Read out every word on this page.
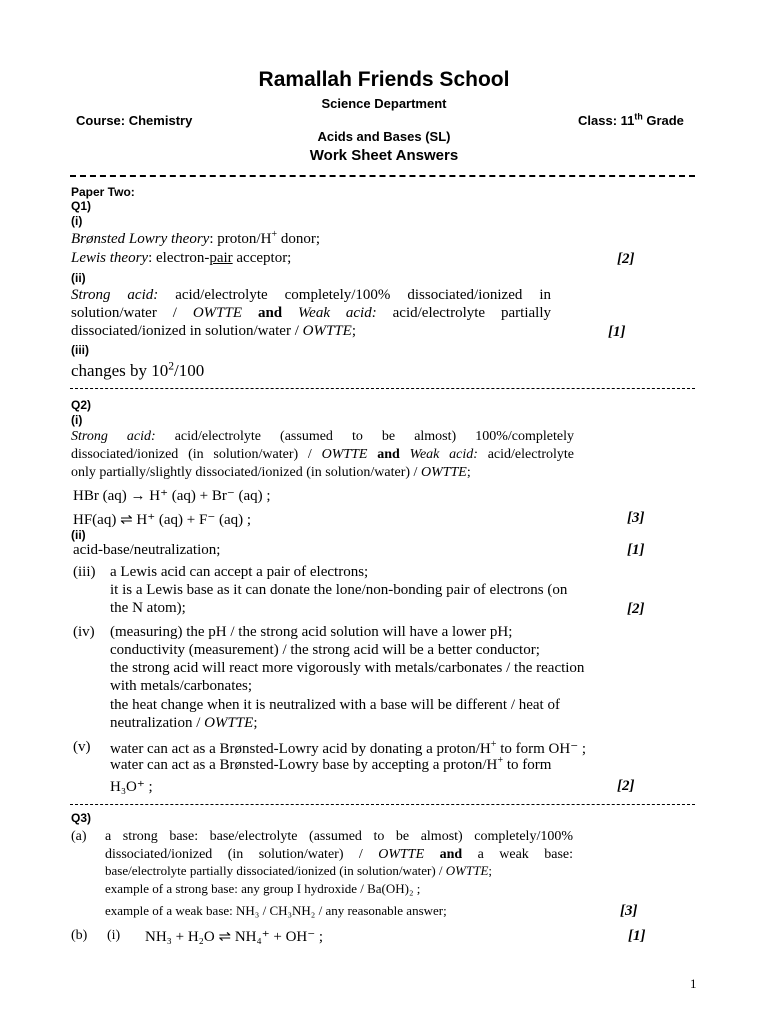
Ramallah Friends School
Science Department
Course: Chemistry	Class: 11th Grade
Acids and Bases (SL)
Work Sheet Answers
Paper Two:
Q1)
(i)
Brønsted Lowry theory: proton/H+ donor;
Lewis theory: electron-pair acceptor;	[2]
(ii)
Strong acid: acid/electrolyte completely/100% dissociated/ionized in
solution/water / OWTTE and Weak acid: acid/electrolyte partially
dissociated/ionized in solution/water / OWTTE;	[1]
(iii)
changes by $10^2/100$
Q2)
(i)
Strong acid: acid/electrolyte (assumed to be almost) 100%/completely
dissociated/ionized (in solution/water) / OWTTE and Weak acid: acid/electrolyte
only partially/slightly dissociated/ionized (in solution/water) / OWTTE;
HBr (aq) → H⁺ (aq) + Br⁻ (aq) ;
HF(aq) ⇌ H⁺ (aq) + F⁻ (aq) ;	[3]
(ii)
acid-base/neutralization;	[1]
(iii) a Lewis acid can accept a pair of electrons;
it is a Lewis base as it can donate the lone/non-bonding pair of electrons (on
the N atom);	[2]
(iv) (measuring) the pH / the strong acid solution will have a lower pH;
conductivity (measurement) / the strong acid will be a better conductor;
the strong acid will react more vigorously with metals/carbonates / the reaction
with metals/carbonates;
the heat change when it is neutralized with a base will be different / heat of
neutralization / OWTTE;
(v) water can act as a Brønsted-Lowry acid by donating a proton/H+ to form OH⁻ ;
water can act as a Brønsted-Lowry base by accepting a proton/H+ to form
H₃O⁺ ;	[2]
Q3)
(a) a strong base: base/electrolyte (assumed to be almost) completely/100%
dissociated/ionized (in solution/water) / OWTTE and a weak base:
base/electrolyte partially dissociated/ionized (in solution/water) / OWTTE;
example of a strong base: any group I hydroxide / Ba(OH)₂ ;
example of a weak base: NH₃ / CH₃NH₂ / any reasonable answer;	[3]
(b) (i) NH₃ + H₂O ⇌ NH₄⁺ + OH⁻ ;	[1]
1
